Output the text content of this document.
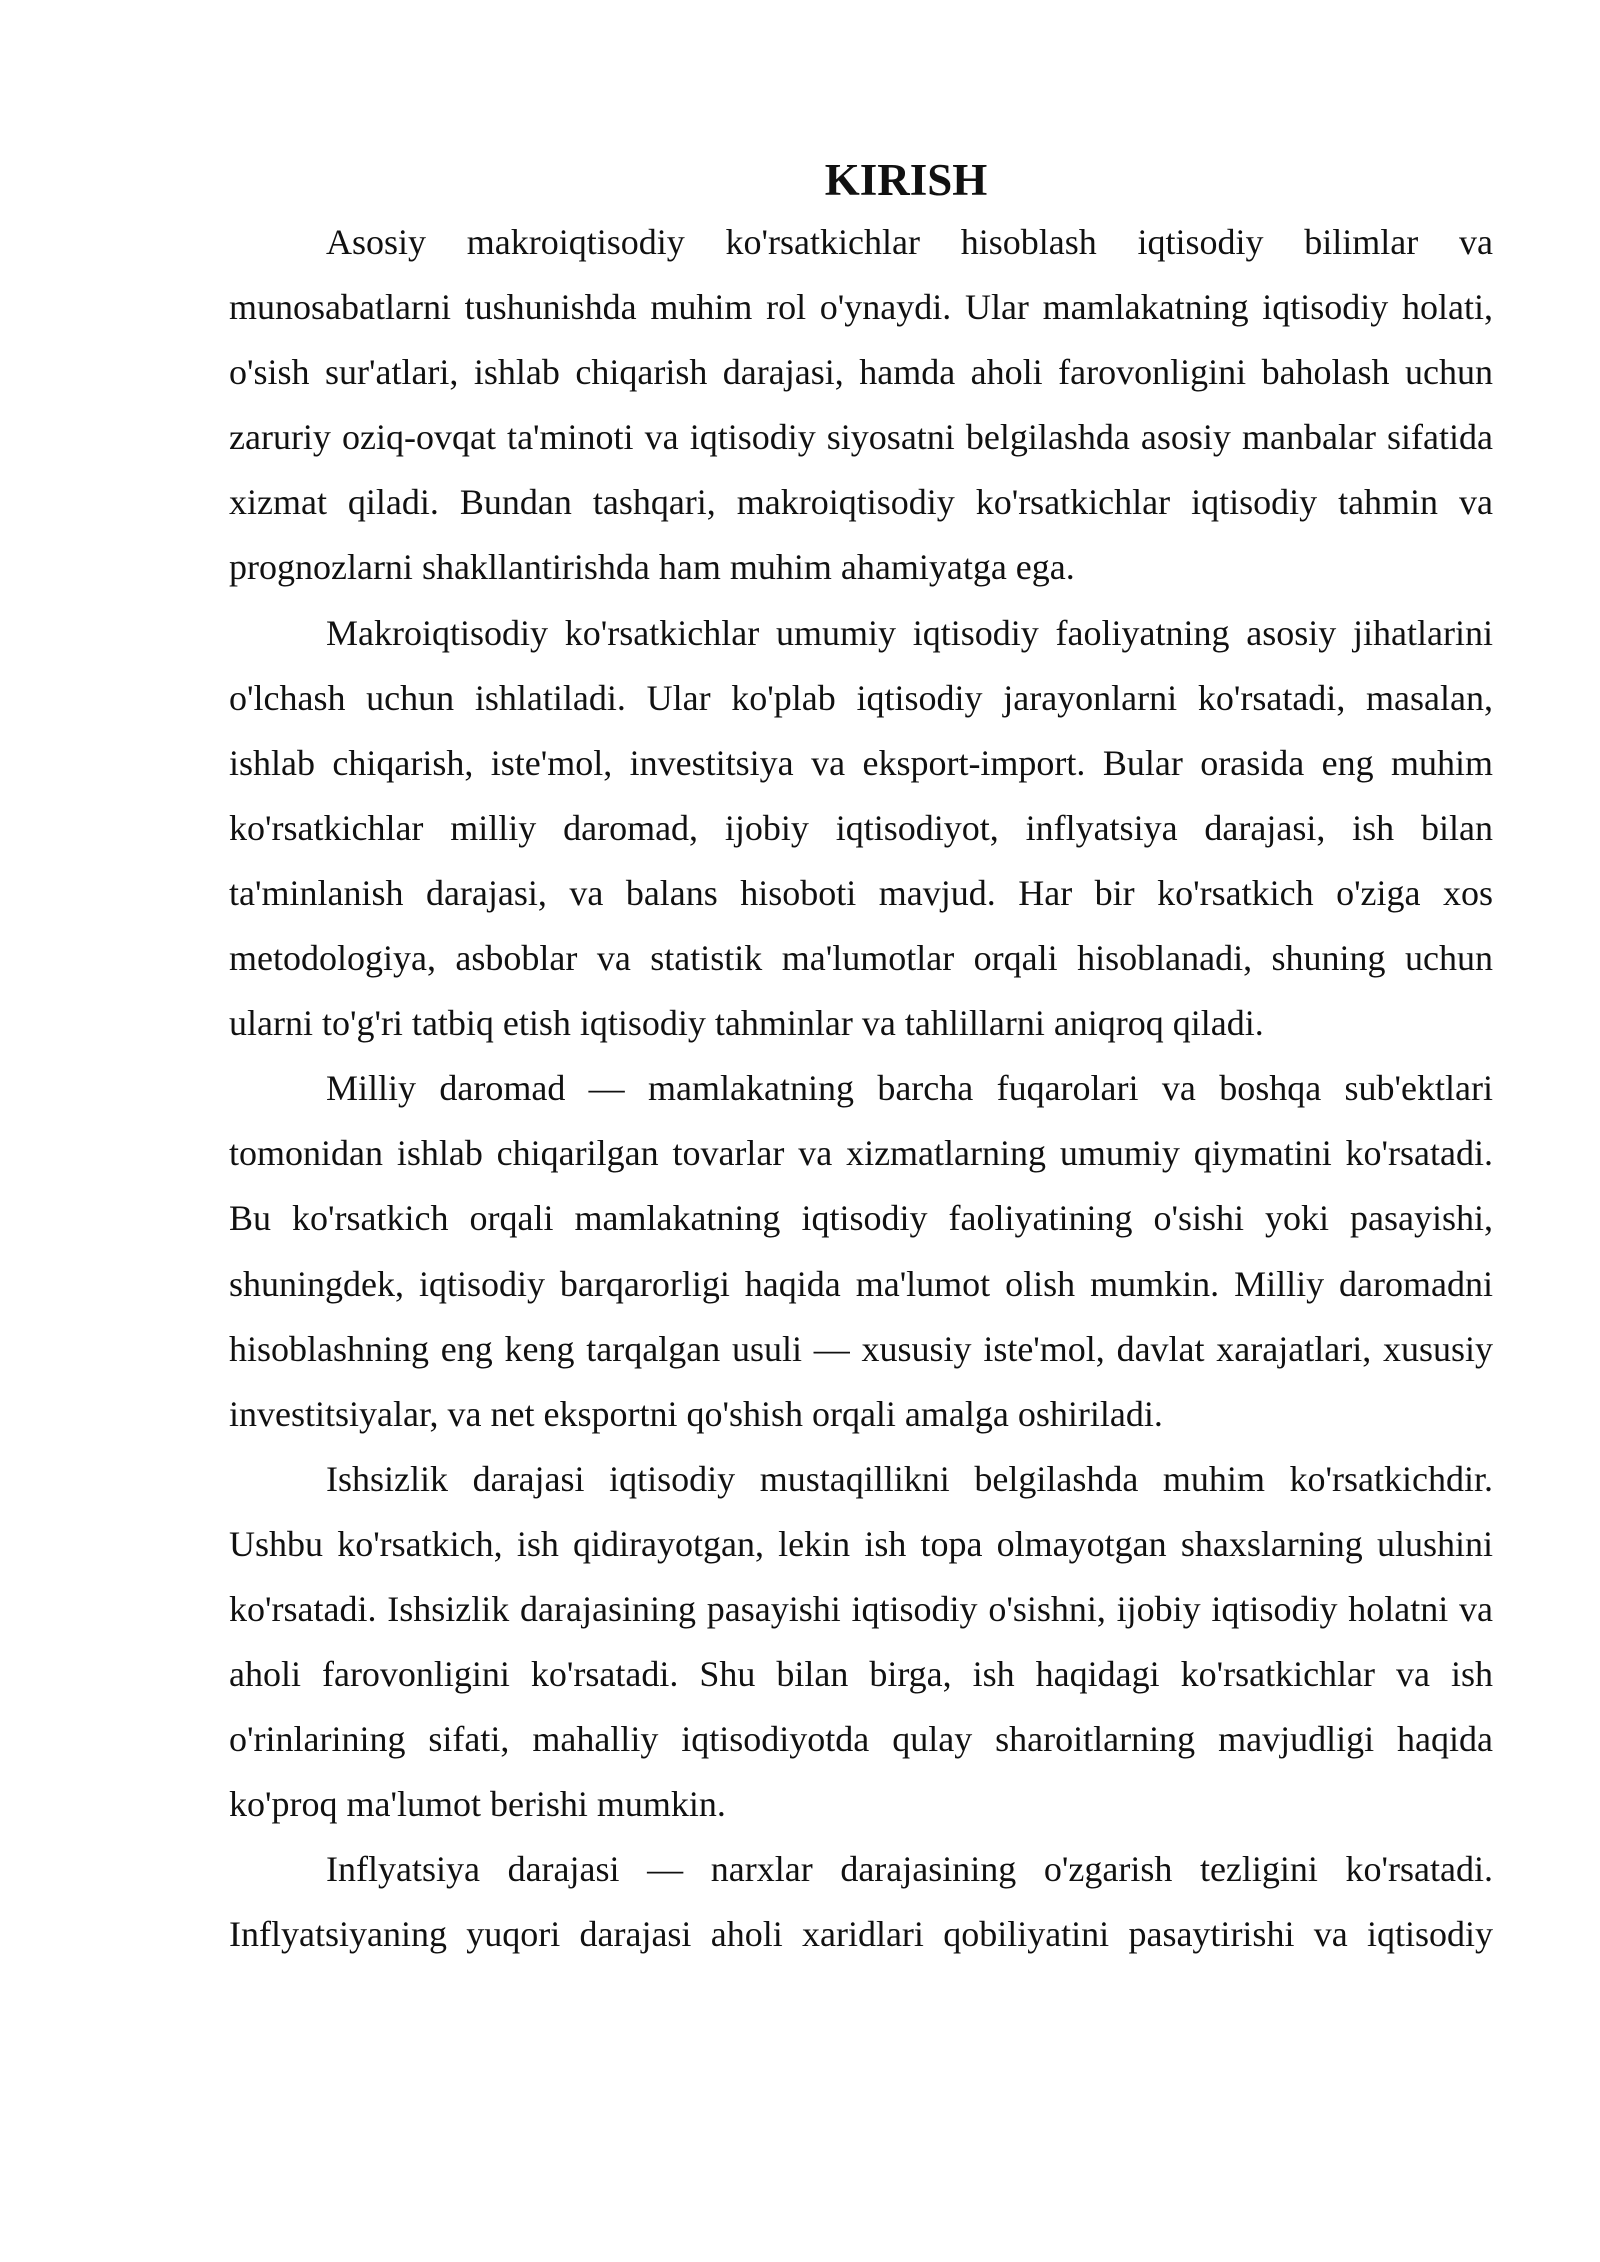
KIRISH

Asosiy makroiqtisodiy ko'rsatkichlar hisoblash iqtisodiy bilimlar va munosabatlarni tushunishda muhim rol o'ynaydi. Ular mamlakatning iqtisodiy holati, o'sish sur'atlari, ishlab chiqarish darajasi, hamda aholi farovonligini baholash uchun zaruriy oziq-ovqat ta'minoti va iqtisodiy siyosatni belgilashda asosiy manbalar sifatida xizmat qiladi. Bundan tashqari, makroiqtisodiy ko'rsatkichlar iqtisodiy tahmin va prognozlarni shakllantirishda ham muhim ahamiyatga ega.

Makroiqtisodiy ko'rsatkichlar umumiy iqtisodiy faoliyatning asosiy jihatlarini o'lchash uchun ishlatiladi. Ular ko'plab iqtisodiy jarayonlarni ko'rsatadi, masalan, ishlab chiqarish, iste'mol, investitsiya va eksport-import. Bular orasida eng muhim ko'rsatkichlar milliy daromad, ijobiy iqtisodiyot, inflyatsiya darajasi, ish bilan ta'minlanish darajasi, va balans hisoboti mavjud. Har bir ko'rsatkich o'ziga xos metodologiya, asboblar va statistik ma'lumotlar orqali hisoblanadi, shuning uchun ularni to'g'ri tatbiq etish iqtisodiy tahminlar va tahlillarni aniqroq qiladi.

Milliy daromad — mamlakatning barcha fuqarolari va boshqa sub'ektlari tomonidan ishlab chiqarilgan tovarlar va xizmatlarning umumiy qiymatini ko'rsatadi. Bu ko'rsatkich orqali mamlakatning iqtisodiy faoliyatining o'sishi yoki pasayishi, shuningdek, iqtisodiy barqarorligi haqida ma'lumot olish mumkin. Milliy daromadni hisoblashning eng keng tarqalgan usuli — xususiy iste'mol, davlat xarajatlari, xususiy investitsiyalar, va net eksportni qo'shish orqali amalga oshiriladi.

Ishsizlik darajasi iqtisodiy mustaqillikni belgilashda muhim ko'rsatkichdir. Ushbu ko'rsatkich, ish qidirayotgan, lekin ish topa olmayotgan shaxslarning ulushini ko'rsatadi. Ishsizlik darajasining pasayishi iqtisodiy o'sishni, ijobiy iqtisodiy holatni va aholi farovonligini ko'rsatadi. Shu bilan birga, ish haqidagi ko'rsatkichlar va ish o'rinlarining sifati, mahalliy iqtisodiyotda qulay sharoitlarning mavjudligi haqida ko'proq ma'lumot berishi mumkin.

Inflyatsiya darajasi — narxlar darajasining o'zgarish tezligini ko'rsatadi. Inflyatsiyaning yuqori darajasi aholi xaridlari qobiliyatini pasaytirishi va iqtisodiy
